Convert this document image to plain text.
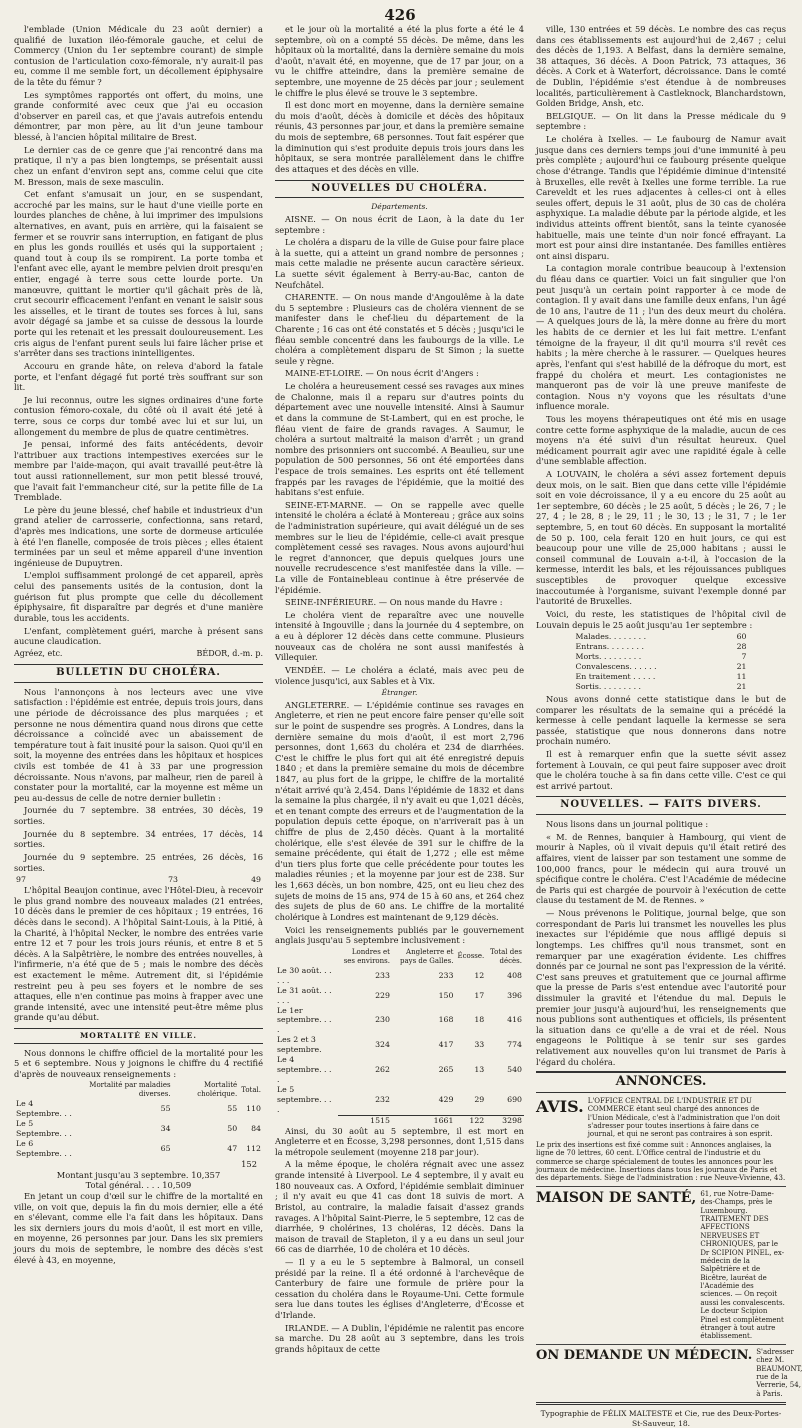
426

l'emblade (Union Médicale du 23 août dernier) a qualifié de luxation iléo-fémorale gauche, et celui de Commercy (Union du 1er septembre courant) de simple contusion de l'articulation coxo-fémorale, n'y aurait-il pas eu, comme il me semble fort, un décollement épiphysaire de la tête du fémur ?

Les symptômes rapportés ont offert, du moins, une grande conformité avec ceux que j'ai eu occasion d'observer en pareil cas, et que j'avais autrefois entendu démontrer, par mon père, au lit d'un jeune tambour blessé, à l'ancien hôpital militaire de Brest.

Le dernier cas de ce genre que j'ai rencontré dans ma pratique, il n'y a pas bien longtemps, se présentait aussi chez un enfant d'environ sept ans, comme celui que cite M. Bresson, mais de sexe masculin.

Cet enfant s'amusait un jour, en se suspendant, accroché par les mains, sur le haut d'une vieille porte en lourdes planches de chêne, à lui imprimer des impulsions alternatives, en avant, puis en arrière, qui la faisaient se fermer et se rouvrir sans interruption, en fatigant de plus en plus les gonds rouillés et usés qui la supportaient ; quand tout à coup ils se rompirent. La porte tomba et l'enfant avec elle, ayant le membre pelvien droit presqu'en entier, engagé à terre sous cette lourde porte. Un manœuvre, quittant le mortier qu'il gâchait près de là, crut secourir efficacement l'enfant en venant le saisir sous les aisselles, et le tirant de toutes ses forces à lui, sans avoir dégagé sa jambe et sa cuisse de dessous la lourde porte qui les retenait et les pressait douloureusement. Les cris aigus de l'enfant purent seuls lui faire lâcher prise et s'arrêter dans ses tractions inintelligentes.

Accouru en grande hâte, on releva d'abord la fatale porte, et l'enfant dégagé fut porté très souffrant sur son lit.

Je lui reconnus, outre les signes ordinaires d'une forte contusion fémoro-coxale, du côté où il avait été jeté à terre, sous ce corps dur tombé avec lui et sur lui, un allongement du membre de plus de quatre centimètres.

Je pensai, informé des faits antécédents, devoir l'attribuer aux tractions intempestives exercées sur le membre par l'aide-maçon, qui avait travaillé peut-être là tout aussi rationnellement, sur mon petit blessé trouvé, que l'avait fait l'emmancheur cité, sur la petite fille de La Tremblade.

Le père du jeune blessé, chef habile et industrieux d'un grand atelier de carrosserie, confectionna, sans retard, d'après mes indications, une sorte de dormeuse articulée à été l'en flanelle, composée de trois pièces ; elles étaient terminées par un seul et même appareil d'une invention ingénieuse de Dupuytren.

L'emploi suffisamment prolongé de cet appareil, après celui des pansements usités de la contusion, dont la guérison fut plus prompte que celle du décollement épiphysaire, fit disparaître par degrés et d'une manière durable, tous les accidents.

L'enfant, complètement guéri, marche à présent sans aucune claudication.

Agréez, etc.	BÉDOR, d.-m. p.
BULLETIN DU CHOLÉRA.

Nous l'annonçons à nos lecteurs avec une vive satisfaction : l'épidémie est entrée, depuis trois jours, dans une période de décroissance des plus marquées ; et personne ne nous démentira quand nous dirons que cette décroissance a coïncidé avec un abaissement de température tout à fait inusité pour la saison. Quoi qu'il en soit, la moyenne des entrées dans les hôpitaux et hospices civils est tombée de 41 à 33 par une progression décroissante. Nous n'avons, par malheur, rien de pareil à constater pour la mortalité, car la moyenne est même un peu au-dessus de celle de notre dernier bulletin :

Journée du 7 septembre. 38 entrées, 30 décès, 19 sorties.

Journée du 8 septembre. 34 entrées, 17 décès, 14 sorties.

Journée du 9 septembre. 25 entrées, 26 décès, 16 sorties.

97	73	49

L'hôpital Beaujon continue, avec l'Hôtel-Dieu, à recevoir le plus grand nombre des nouveaux malades (21 entrées, 10 décès dans le premier de ces hôpitaux ; 19 entrées, 16 décès dans le second). A l'hôpital Saint-Louis, à la Pitié, à la Charité, à l'hôpital Necker, le nombre des entrées varie entre 12 et 7 pour les trois jours réunis, et entre 8 et 5 décès. A la Salpêtrière, le nombre des entrées nouvelles, à l'infirmerie, n'a été que de 5 ; mais le nombre des décès est exactement le même. Autrement dit, si l'épidémie restreint peu à peu ses foyers et le nombre de ses attaques, elle n'en continue pas moins à frapper avec une grande intensité, avec une intensité peut-être même plus grande qu'au début.

MORTALITÉ EN VILLE.

Nous donnons le chiffre officiel de la mortalité pour les 5 et 6 septembre. Nous y joignons le chiffre du 4 rectifié d'après de nouveaux renseignements :

	Mortalité par maladies diverses.	Mortalité cholérique.	Total.
Le 4 Septembre. . .	55	55	110
Le 5 Septembre. . .	34	50	84
Le 6 Septembre. . .	65	47	112
152
Montant jusqu'au 3 septembre. 10,357
Total général. . . . 10,509

En jetant un coup d'œil sur le chiffre de la mortalité en ville, on voit que, depuis la fin du mois dernier, elle a été en s'élevant, comme elle l'a fait dans les hôpitaux. Dans les six derniers jours du mois d'août, il est mort en ville, en moyenne, 26 personnes par jour. Dans les six premiers jours du mois de septembre, le nombre des décès s'est élevé à 43, en moyenne,

et le jour où la mortalité a été la plus forte a été le 4 septembre, où on a compté 55 décès. De même, dans les hôpitaux où la mortalité, dans la dernière semaine du mois d'août, n'avait été, en moyenne, que de 17 par jour, on a vu le chiffre atteindre, dans la première semaine de septembre, une moyenne de 25 décès par jour ; seulement le chiffre le plus élevé se trouve le 3 septembre.

Il est donc mort en moyenne, dans la dernière semaine du mois d'août, décès à domicile et décès des hôpitaux réunis, 43 personnes par jour, et dans la première semaine du mois de septembre, 68 personnes. Tout fait espérer que la diminution qui s'est produite depuis trois jours dans les hôpitaux, se sera montrée parallèlement dans le chiffre des attaques et des décès en ville.

NOUVELLES DU CHOLÉRA.
Départements.

AISNE. — On nous écrit de Laon, à la date du 1er septembre :

Le choléra a disparu de la ville de Guise pour faire place à la suette, qui a atteint un grand nombre de personnes ; mais cette maladie ne présente aucun caractère sérieux. La suette sévit également à Berry-au-Bac, canton de Neufchâtel.

CHARENTE. — On nous mande d'Angoulême à la date du 5 septembre : Plusieurs cas de choléra viennent de se manifester dans le chef-lieu du département de la Charente ; 16 cas ont été constatés et 5 décès ; jusqu'ici le fléau semble concentré dans les faubourgs de la ville. Le choléra a complètement disparu de St Simon ; la suette seule y règne.

MAINE-ET-LOIRE. — On nous écrit d'Angers :

Le choléra a heureusement cessé ses ravages aux mines de Chalonne, mais il a reparu sur d'autres points du département avec une nouvelle intensité. Ainsi à Saumur et dans la commune de St-Lambert, qui en est proche, le fléau vient de faire de grands ravages. A Saumur, le choléra a surtout maltraité la maison d'arrêt ; un grand nombre des prisonniers ont succombé. A Beaulieu, sur une population de 500 personnes, 56 ont été emportées dans l'espace de trois semaines. Les esprits ont été tellement frappés par les ravages de l'épidémie, que la moitié des habitans s'est enfuie.

SEINE-ET-MARNE. — On se rappelle avec quelle intensité le choléra a éclaté à Montereau ; grâce aux soins de l'administration supérieure, qui avait délégué un de ses membres sur le lieu de l'épidémie, celle-ci avait presque complètement cessé ses ravages. Nous avons aujourd'hui le regret d'annoncer, que depuis quelques jours une nouvelle recrudescence s'est manifestée dans la ville. — La ville de Fontainebleau continue à être préservée de l'épidémie.

SEINE-INFÉRIEURE. — On nous mande du Havre :

Le choléra vient de reparaître avec une nouvelle intensité à Ingouville ; dans la journée du 4 septembre, on a eu à déplorer 12 décès dans cette commune. Plusieurs nouveaux cas de choléra ne sont aussi manifestés à Villequier.

VENDÉE. — Le choléra a éclaté, mais avec peu de violence jusqu'ici, aux Sables et à Vix.

Étranger.

ANGLETERRE. — L'épidémie continue ses ravages en Angleterre, et rien ne peut encore faire penser qu'elle soit sur le point de suspendre ses progrès. A Londres, dans la dernière semaine du mois d'août, il est mort 2,796 personnes, dont 1,663 du choléra et 234 de diarrhées. C'est le chiffre le plus fort qui ait été enregistré depuis 1840 ; et dans la première semaine du mois de décembre 1847, au plus fort de la grippe, le chiffre de la mortalité n'était arrivé qu'à 2,454. Dans l'épidémie de 1832 et dans la semaine la plus chargée, il n'y avait eu que 1,021 décès, et en tenant compte des erreurs et de l'augmentation de la population depuis cette époque, on n'arriverait pas à un chiffre de plus de 2,450 décès. Quant à la mortalité cholérique, elle s'est élevée de 391 sur le chiffre de la semaine précédente, qui était de 1,272 ; elle est même d'un tiers plus forte que celle précédente pour toutes les maladies réunies ; et la moyenne par jour est de 238. Sur les 1,663 décès, un bon nombre, 425, ont eu lieu chez des sujets de moins de 15 ans, 974 de 15 à 60 ans, et 264 chez des sujets de plus de 60 ans. Le chiffre de la mortalité cholérique à Londres est maintenant de 9,129 décès.

Voici les renseignements publiés par le gouvernement anglais jusqu'au 5 septembre inclusivement :

	Londres et ses environs.	Angleterre et pays de Galles.	Écosse.	Total des décès.
Le 30 août. . . . . .	233	233	12	408
Le 31 août. . . . . .	229	150	17	396
Le 1er septembre. . . .	230	168	18	416
Les 2 et 3 septembre.	324	417	33	774
Le 4 septembre. . . .	262	265	13	540
Le 5 septembre. . . .	232	429	29	690
	1515	1661	122	3298

Ainsi, du 30 août au 5 septembre, il est mort en Angleterre et en Écosse, 3,298 personnes, dont 1,515 dans la métropole seulement (moyenne 218 par jour).

A la même époque, le choléra régnait avec une assez grande intensité à Liverpool. Le 4 septembre, il y avait eu 180 nouveaux cas. A Oxford, l'épidémie semblait diminuer ; il n'y avait eu que 41 cas dont 18 suivis de mort. A Bristol, au contraire, la maladie faisait d'assez grands ravages. A l'hôpital Saint-Pierre, le 5 septembre, 12 cas de diarrhée, 9 cholérines, 13 choléras, 12 décès. Dans la maison de travail de Stapleton, il y a eu dans un seul jour 66 cas de diarrhée, 10 de choléra et 10 décès.

— Il y a eu le 5 septembre à Balmoral, un conseil présidé par la reine. Il a été ordonné à l'archevêque de Canterbury de faire une formule de prière pour la cessation du choléra dans le Royaume-Uni. Cette formule sera lue dans toutes les églises d'Angleterre, d'Écosse et d'Irlande.

IRLANDE. — A Dublin, l'épidémie ne ralentit pas encore sa marche. Du 28 août au 3 septembre, dans les trois grands hôpitaux de cette

ville, 130 entrées et 59 décès. Le nombre des cas reçus dans ces établissements est aujourd'hui de 2,467 ; celui des décès de 1,193. A Belfast, dans la dernière semaine, 38 attaques, 36 décès. A Doon Patrick, 73 attaques, 36 décès. A Cork et à Waterfort, décroissance. Dans le comté de Dublin, l'épidémie s'est étendue à de nombreuses localités, particulièrement à Castleknock, Blanchardstown, Golden Bridge, Ansh, etc.

BELGIQUE. — On lit dans la Presse médicale du 9 septembre :

Le choléra à Ixelles. — Le faubourg de Namur avait jusque dans ces derniers temps joui d'une immunité à peu près complète ; aujourd'hui ce faubourg présente quelque chose d'étrange. Tandis que l'épidémie diminue d'intensité à Bruxelles, elle revêt à Ixelles une forme terrible. La rue Careveldt et les rues adjacentes à celles-ci ont à elles seules offert, depuis le 31 août, plus de 30 cas de choléra asphyxique. La maladie débute par la période algide, et les individus atteints offrent bientôt, sans la teinte cyanosée habituelle, mais une teinte d'un noir foncé effrayant. La mort est pour ainsi dire instantanée. Des familles entières ont ainsi disparu.

La contagion morale contribue beaucoup à l'extension du fléau dans ce quartier. Voici un fait singulier que l'on peut jusqu'à un certain point rapporter à ce mode de contagion. Il y avait dans une famille deux enfans, l'un âgé de 10 ans, l'autre de 11 ; l'un des deux meurt du choléra. — A quelques jours de là, la mère donne au frère du mort les habits de ce dernier et les lui fait mettre. L'enfant témoigne de la frayeur, il dit qu'il mourra s'il revêt ces habits ; la mère cherche à le rassurer. — Quelques heures après, l'enfant qui s'est habillé de la défroque du mort, est frappé du choléra et meurt. Les contagionistes ne manqueront pas de voir là une preuve manifeste de contagion. Nous n'y voyons que les résultats d'une influence morale.

Tous les moyens thérapeutiques ont été mis en usage contre cette forme asphyxique de la maladie, aucun de ces moyens n'a été suivi d'un résultat heureux. Quel médicament pourrait agir avec une rapidité égale à celle d'une semblable affection.

A LOUVAIN, le choléra a sévi assez fortement depuis deux mois, on le sait. Bien que dans cette ville l'épidémie soit en voie décroissance, il y a eu encore du 25 août au 1er septembre, 60 décès ; le 25 août, 5 décès ; le 26, 7 ; le 27, 4 ; le 28, 8 ; le 29, 11 ; le 30, 13 ; le 31, 7 ; le 1er septembre, 5, en tout 60 décès. En supposant la mortalité de 50 p. 100, cela ferait 120 en huit jours, ce qui est beaucoup pour une ville de 25,000 habitans ; aussi le conseil communal de Louvain a-t-il, à l'occasion de la kermesse, interdit les bals, et les réjouissances publiques susceptibles de provoquer quelque excessive inaccoutumée à l'organisme, suivant l'exemple donné par l'autorité de Bruxelles.

Voici, du reste, les statistiques de l'hôpital civil de Louvain depuis le 25 août jusqu'au 1er septembre :

Malades. . . . . . . .	60
Entrans. . . . . . . .	28
Morts. . . . . . . . .	7
Convalescens. . . . . .	21
En traitement . . . . .	11
Sortis. . . . . . . . .	21

Nous avons donné cette statistique dans le but de comparer les résultats de la semaine qui a précédé la kermesse à celle pendant laquelle la kermesse se sera passée, statistique que nous donnerons dans notre prochain numéro.

Il est à remarquer enfin que la suette sévit assez fortement à Louvain, ce qui peut faire supposer avec droit que le choléra touche à sa fin dans cette ville. C'est ce qui est arrivé partout.

NOUVELLES. — FAITS DIVERS.

Nous lisons dans un journal politique :

« M. de Rennes, banquier à Hambourg, qui vient de mourir à Naples, où il vivait depuis qu'il était retiré des affaires, vient de laisser par son testament une somme de 100,000 francs, pour le médecin qui aura trouvé un spécifique contre le choléra. C'est l'Académie de médecine de Paris qui est chargée de pourvoir à l'exécution de cette clause du testament de M. de Rennes. »

— Nous prévenons le Politique, journal belge, que son correspondant de Paris lui transmet les nouvelles les plus inexactes sur l'épidémie que nous affligé depuis si longtemps. Les chiffres qu'il nous transmet, sont en remarquer par une exagération évidente. Les chiffres donnés par ce journal ne sont pas l'expression de la vérité. C'est sans preuves et gratuitement que ce journal affirme que la presse de Paris s'est entendue avec l'autorité pour dissimuler la gravité et l'étendue du mal. Depuis le premier jour jusqu'à aujourd'hui, les renseignements que nous publions sont authentiques et officiels, ils présentent la situation dans ce qu'elle a de vrai et de réel. Nous engageons le Politique à se tenir sur ses gardes relativement aux nouvelles qu'on lui transmet de Paris à l'égard du choléra.

ANNONCES.
AVIS. L'OFFICE CENTRAL DE L'INDUSTRIE ET DU COMMERCE étant seul chargé des annonces de l'Union Médicale, c'est à l'administration que l'on doit s'adresser pour toutes insertions à faire dans ce journal, et qui ne seront pas contraires à son esprit.
Le prix des insertions est fixé comme suit : Annonces anglaises, la ligne de 70 lettres, 60 cent. L'Office central de l'industrie et du commerce se charge spécialement de toutes les annonces pour les journaux de médecine. Insertions dans tous les journaux de Paris et des départements. Siège de l'administration : rue Neuve-Vivienne, 43.
MAISON DE SANTÉ, 61, rue Notre-Dame-des-Champs, près le Luxembourg. TRAITEMENT DES AFFECTIONS NERVEUSES ET CHRONIQUES, par le Dr SCIPION PINEL, ex-médecin de la Salpêtrière et de Bicêtre, lauréat de l'Académie des sciences. — On reçoit aussi les convalescents. Le docteur Scipion Pinel est complètement étranger à tout autre établissement.
ON DEMANDE UN MÉDECIN. S'adresser chez M. BEAUMONT, rue de la Verrerie, 54, à Paris.
Typographie de FÉLIX MALTESTE et Cie, rue des Deux-Portes-St-Sauveur, 18.
